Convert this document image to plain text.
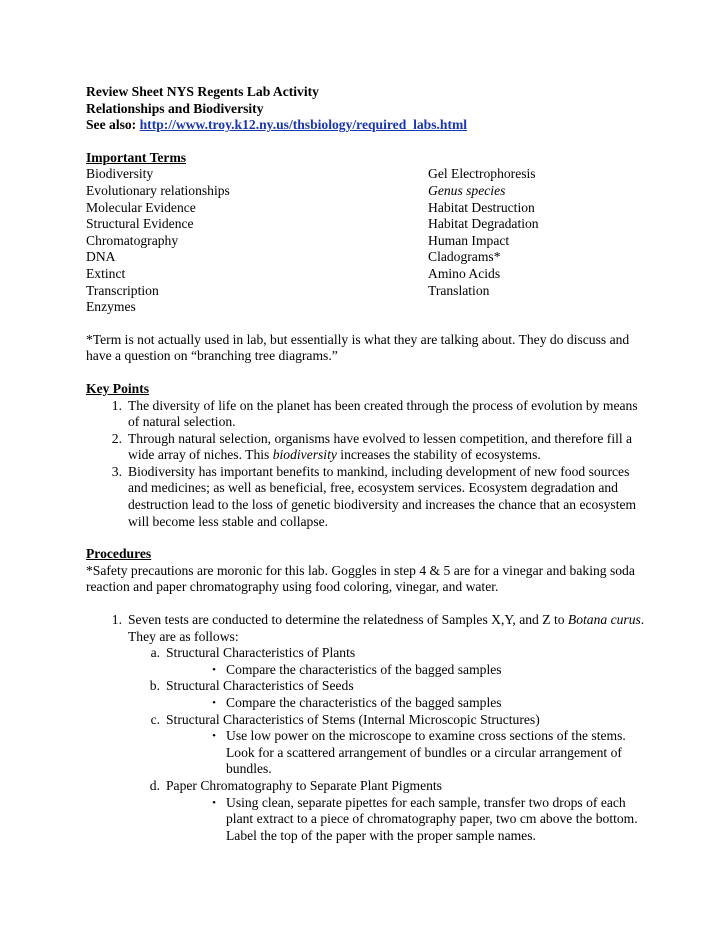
Review Sheet NYS Regents Lab Activity
Relationships and Biodiversity
See also: http://www.troy.k12.ny.us/thsbiology/required_labs.html
Important Terms
Biodiversity
Evolutionary relationships
Molecular Evidence
Structural Evidence
Chromatography
DNA
Extinct
Transcription
Enzymes
Gel Electrophoresis
Genus species
Habitat Destruction
Habitat Degradation
Human Impact
Cladograms*
Amino Acids
Translation
*Term is not actually used in lab, but essentially is what they are talking about. They do discuss and have a question on “branching tree diagrams.”
Key Points
1. The diversity of life on the planet has been created through the process of evolution by means of natural selection.
2. Through natural selection, organisms have evolved to lessen competition, and therefore fill a wide array of niches. This biodiversity increases the stability of ecosystems.
3. Biodiversity has important benefits to mankind, including development of new food sources and medicines; as well as beneficial, free, ecosystem services. Ecosystem degradation and destruction lead to the loss of genetic biodiversity and increases the chance that an ecosystem will become less stable and collapse.
Procedures
*Safety precautions are moronic for this lab. Goggles in step 4 & 5 are for a vinegar and baking soda reaction and paper chromatography using food coloring, vinegar, and water.
1. Seven tests are conducted to determine the relatedness of Samples X,Y, and Z to Botana curus. They are as follows:
a. Structural Characteristics of Plants
• Compare the characteristics of the bagged samples
b. Structural Characteristics of Seeds
• Compare the characteristics of the bagged samples
c. Structural Characteristics of Stems (Internal Microscopic Structures)
• Use low power on the microscope to examine cross sections of the stems. Look for a scattered arrangement of bundles or a circular arrangement of bundles.
d. Paper Chromatography to Separate Plant Pigments
• Using clean, separate pipettes for each sample, transfer two drops of each plant extract to a piece of chromatography paper, two cm above the bottom. Label the top of the paper with the proper sample names.
